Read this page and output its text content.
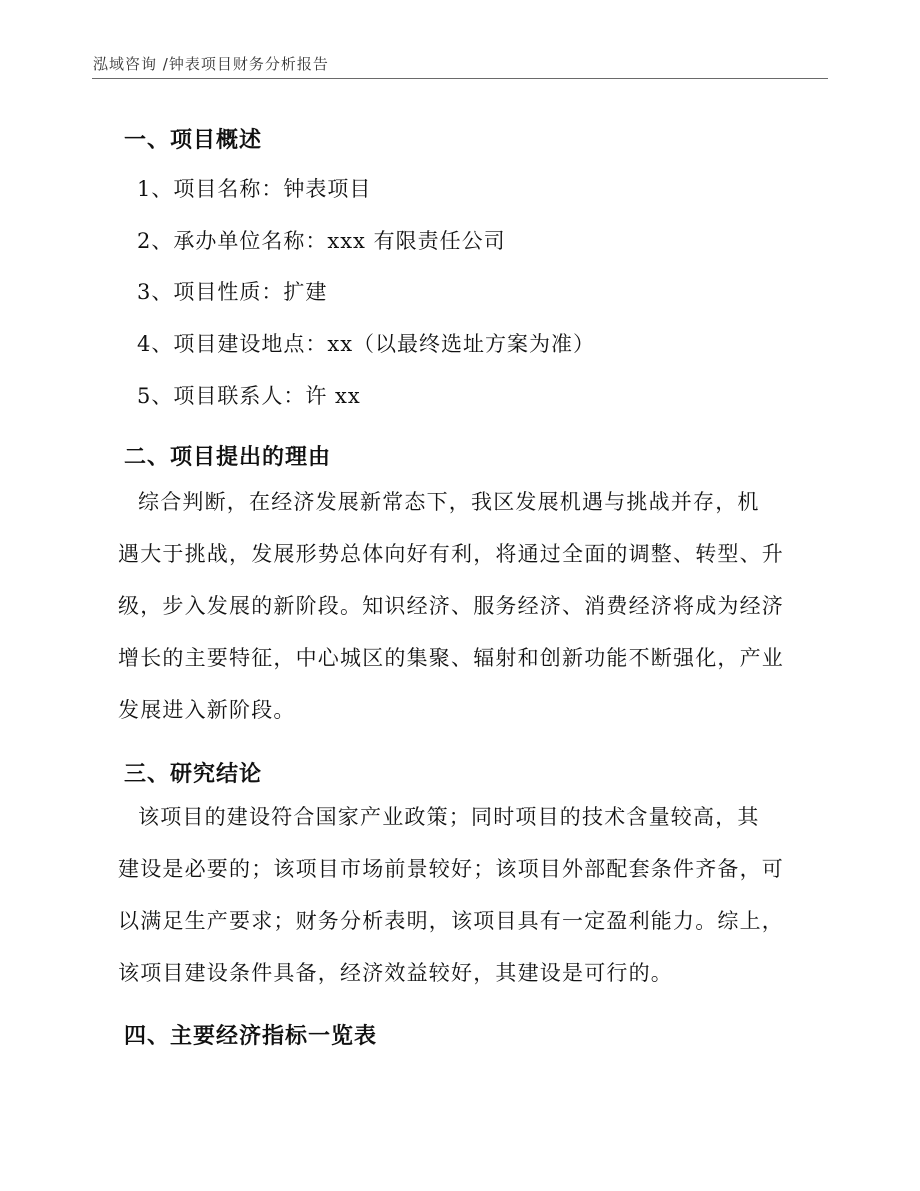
泓域咨询 /钟表项目财务分析报告
一、项目概述
1、项目名称：钟表项目
2、承办单位名称：xxx 有限责任公司
3、项目性质：扩建
4、项目建设地点：xx（以最终选址方案为准）
5、项目联系人：许 xx
二、项目提出的理由
综合判断，在经济发展新常态下，我区发展机遇与挑战并存，机
遇大于挑战，发展形势总体向好有利，将通过全面的调整、转型、升
级，步入发展的新阶段。知识经济、服务经济、消费经济将成为经济
增长的主要特征，中心城区的集聚、辐射和创新功能不断强化，产业
发展进入新阶段。
三、研究结论
该项目的建设符合国家产业政策；同时项目的技术含量较高，其
建设是必要的；该项目市场前景较好；该项目外部配套条件齐备，可
以满足生产要求；财务分析表明，该项目具有一定盈利能力。综上，
该项目建设条件具备，经济效益较好，其建设是可行的。
四、主要经济指标一览表
